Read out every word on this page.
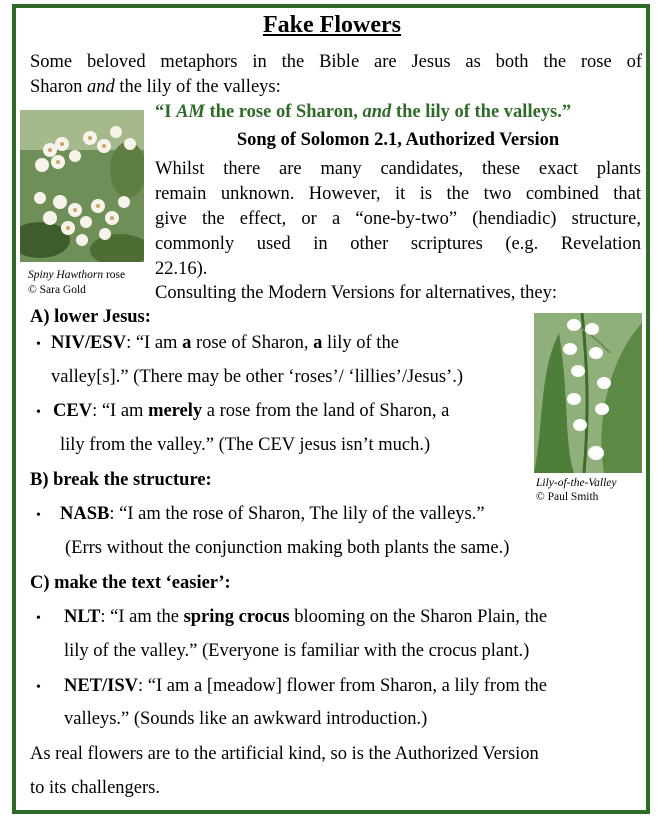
Fake Flowers
Some beloved metaphors in the Bible are Jesus as both the rose of
Sharon and the lily of the valleys:
Spiny Hawthorn rose
© Sara Gold
“I AM the rose of Sharon, and the lily of the valleys.”
Song of Solomon 2.1, Authorized Version
Whilst there are many candidates, these exact plants
remain unknown. However, it is the two combined that
give the effect, or a “one-by-two” (hendiadic) structure,
commonly used in other scriptures (e.g. Revelation
22.16).
Consulting the Modern Versions for alternatives, they:
Lily-of-the-Valley
© Paul Smith
A) lower Jesus:
• NIV/ESV: “I am a rose of Sharon, a lily of the
valley[s].” (There may be other ‘roses’/ ‘lillies’/Jesus’.)
• CEV: “I am merely a rose from the land of Sharon, a
lily from the valley.” (The CEV jesus isn’t much.)
B) break the structure:
• NASB: “I am the rose of Sharon, The lily of the valleys.”
(Errs without the conjunction making both plants the same.)
C) make the text ‘easier’:
• NLT: “I am the spring crocus blooming on the Sharon Plain, the
lily of the valley.” (Everyone is familiar with the crocus plant.)
• NET/ISV: “I am a [meadow] flower from Sharon, a lily from the
valleys.” (Sounds like an awkward introduction.)
As real flowers are to the artificial kind, so is the Authorized Version
to its challengers.
